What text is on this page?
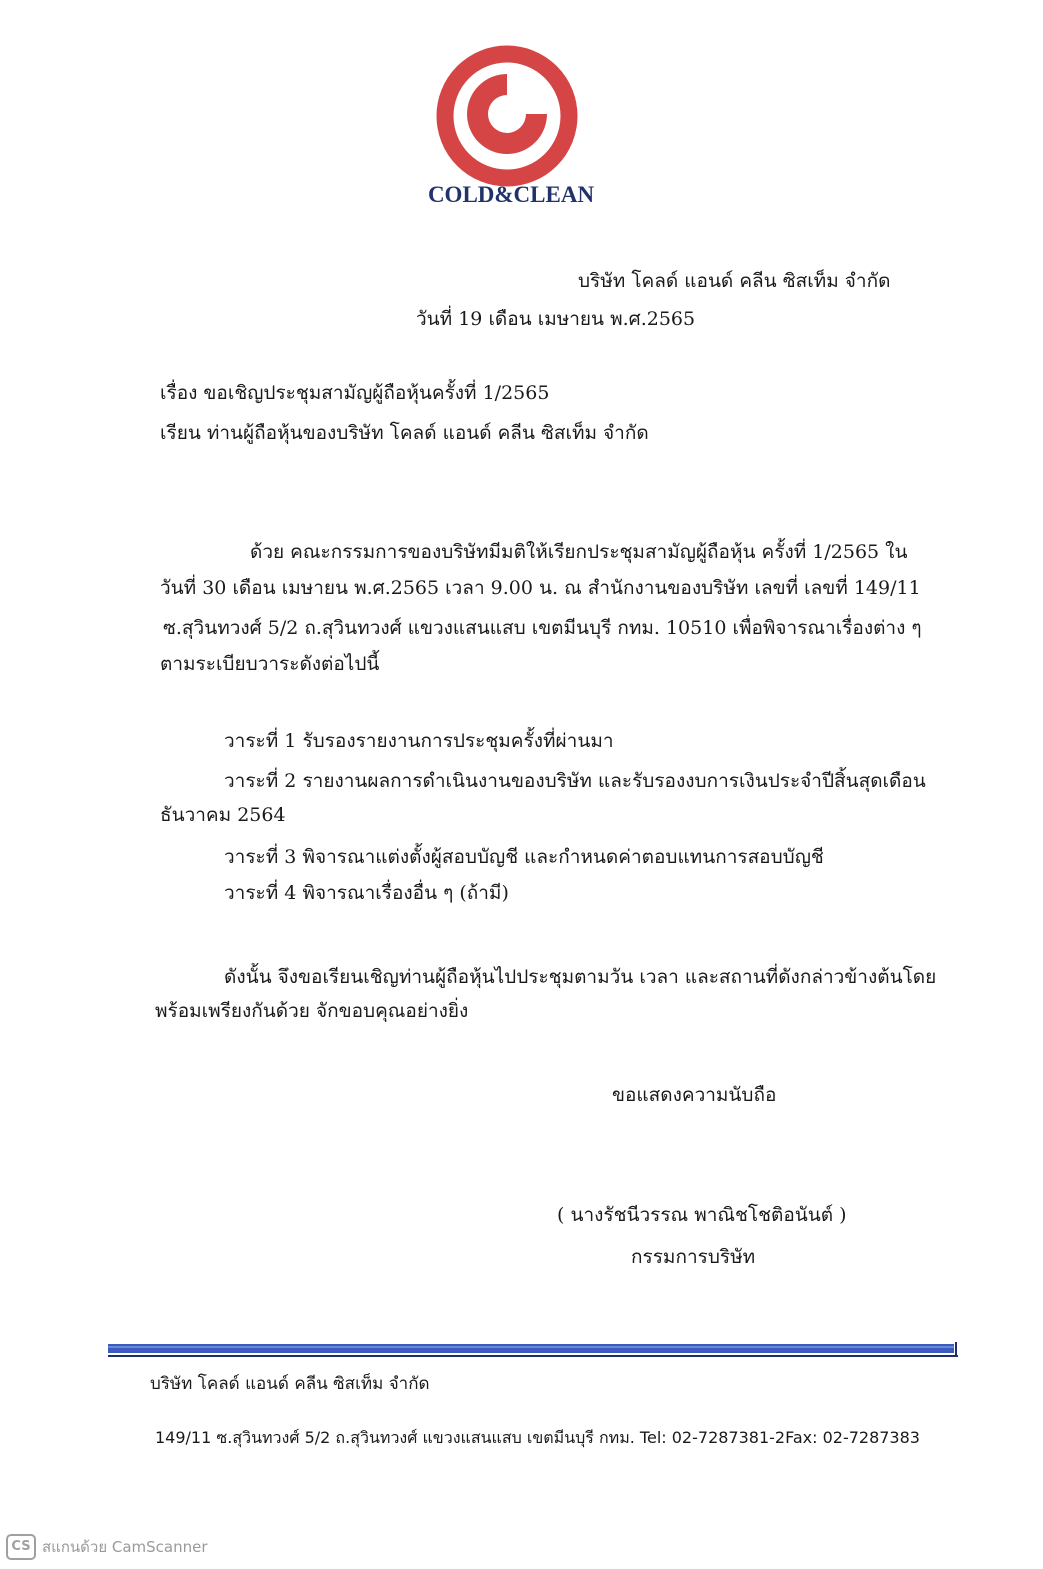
COLD&CLEAN
บริษัท โคลด์ แอนด์ คลีน ซิสเท็ม จำกัด
วันที่ 19 เดือน เมษายน พ.ศ.2565
เรื่อง ขอเชิญประชุมสามัญผู้ถือหุ้นครั้งที่ 1/2565
เรียน ท่านผู้ถือหุ้นของบริษัท โคลด์ แอนด์ คลีน ซิสเท็ม จำกัด
ด้วย คณะกรรมการของบริษัทมีมติให้เรียกประชุมสามัญผู้ถือหุ้น ครั้งที่ 1/2565 ใน
วันที่ 30 เดือน เมษายน พ.ศ.2565 เวลา 9.00 น. ณ สำนักงานของบริษัท เลขที่ เลขที่ 149/11
ซ.สุวินทวงศ์ 5/2 ถ.สุวินทวงศ์ แขวงแสนแสบ เขตมีนบุรี กทม. 10510 เพื่อพิจารณาเรื่องต่าง ๆ
ตามระเบียบวาระดังต่อไปนี้
วาระที่ 1 รับรองรายงานการประชุมครั้งที่ผ่านมา
วาระที่ 2 รายงานผลการดำเนินงานของบริษัท และรับรองงบการเงินประจำปีสิ้นสุดเดือน
ธันวาคม 2564
วาระที่ 3 พิจารณาแต่งตั้งผู้สอบบัญชี และกำหนดค่าตอบแทนการสอบบัญชี
วาระที่ 4 พิจารณาเรื่องอื่น ๆ (ถ้ามี)
ดังนั้น จึงขอเรียนเชิญท่านผู้ถือหุ้นไปประชุมตามวัน เวลา และสถานที่ดังกล่าวข้างต้นโดย
พร้อมเพรียงกันด้วย จักขอบคุณอย่างยิ่ง
ขอแสดงความนับถือ
( นางรัชนีวรรณ พาณิชโชติอนันต์ )
กรรมการบริษัท
บริษัท โคลด์ แอนด์ คลีน ซิสเท็ม จำกัด
149/11 ซ.สุวินทวงศ์ 5/2 ถ.สุวินทวงศ์ แขวงแสนแสบ เขตมีนบุรี กทม. Tel: 02-7287381-2Fax: 02-7287383
CS สแกนด้วย CamScanner
